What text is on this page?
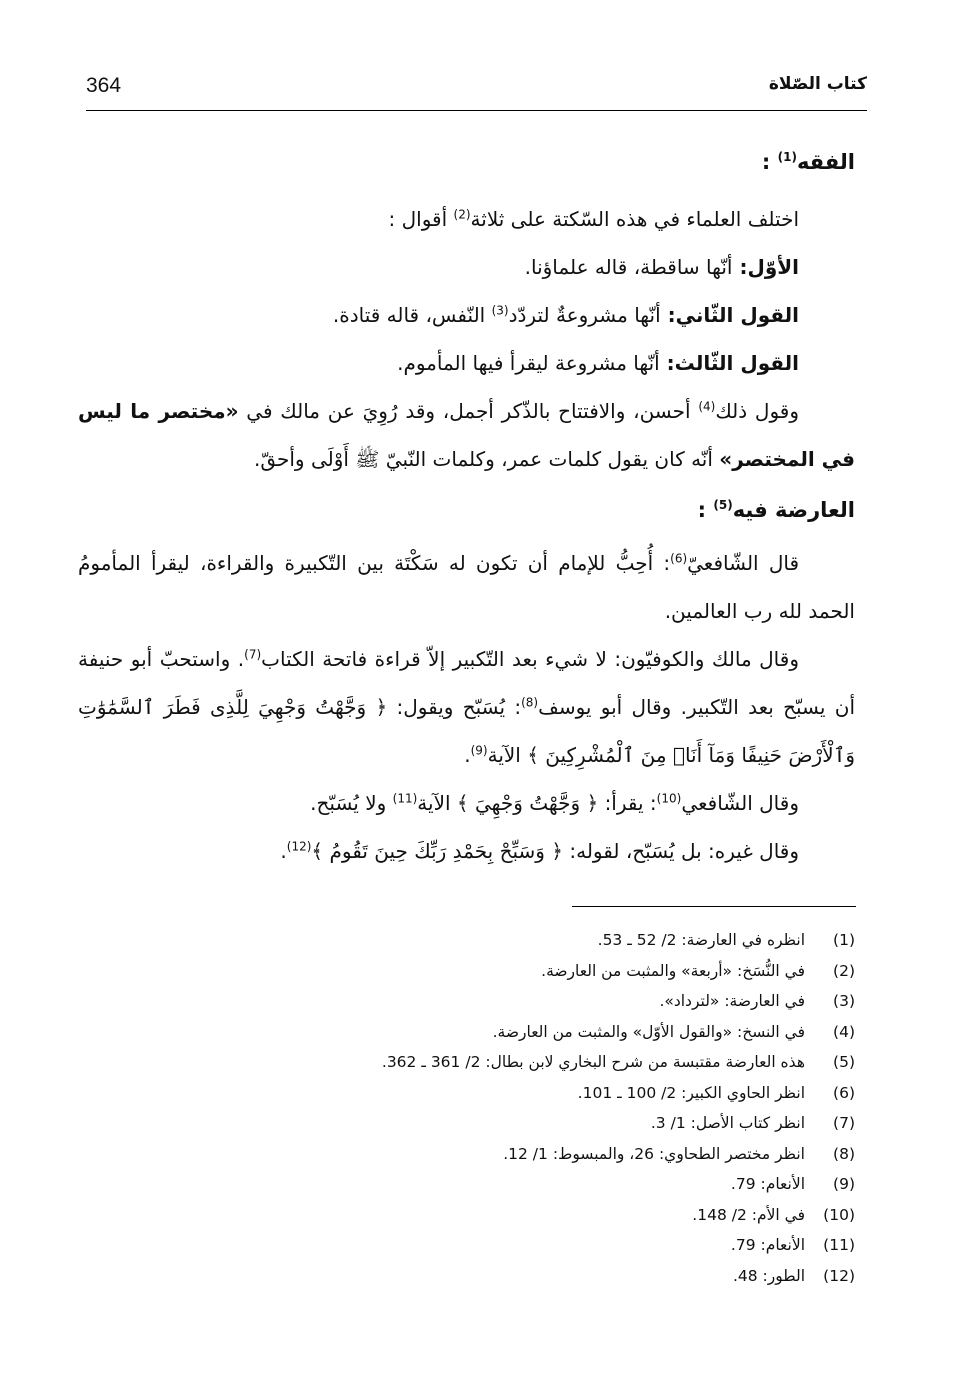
364	كتاب الصّلاة

الفقه$^{(1)}$ :

اختلف العلماء في هذه السّكتة على ثلاثة$^{(2)}$ أقوال :

الأوّل: أنّها ساقطة، قاله علماؤنا.

القول الثّاني: أنّها مشروعةٌ لتردّد$^{(3)}$ النّفس، قاله قتادة.

القول الثّالث: أنّها مشروعة ليقرأ فيها المأموم.

وقول ذلك$^{(4)}$ أحسن، والافتتاح بالذّكر أجمل، وقد رُوِيَ عن مالك في «مختصر ما ليس في المختصر» أنّه كان يقول كلمات عمر، وكلمات النّبيّ ﷺ أَوْلَى وأحقّ.

العارضة فيه$^{(5)}$ :

قال الشّافعيّ$^{(6)}$: أُحِبُّ للإمام أن تكون له سَكْتَة بين التّكبيرة والقراءة، ليقرأ المأمومُ الحمد لله رب العالمين.

وقال مالك والكوفيّون: لا شيء بعد التّكبير إلاّ قراءة فاتحة الكتاب$^{(7)}$. واستحبّ أبو حنيفة أن يسبّح بعد التّكبير. وقال أبو يوسف$^{(8)}$: يُسَبّح ويقول: ﴿ وَجَّهْتُ وَجْهِيَ لِلَّذِى فَطَرَ ٱلسَّمَٰوَٰتِ وَٱلْأَرْضَ حَنِيفًا وَمَآ أَنَا۠ مِنَ ٱلْمُشْرِكِينَ ﴾ الآية$^{(9)}$.

وقال الشّافعي$^{(10)}$: يقرأ: ﴿ وَجَّهْتُ وَجْهِيَ ﴾ الآية$^{(11)}$ ولا يُسَبّح.

وقال غيره: بل يُسَبّح، لقوله: ﴿ وَسَبِّحْ بِحَمْدِ رَبِّكَ حِينَ تَقُومُ ﴾$^{(12)}$.

(1)انظره في العارضة: 2/ 52 ـ 53.
(2)في النُّسَخ: «أربعة» والمثبت من العارضة.
(3)في العارضة: «لترداد».
(4)في النسخ: «والقول الأوّل» والمثبت من العارضة.
(5)هذه العارضة مقتبسة من شرح البخاري لابن بطال: 2/ 361 ـ 362.
(6)انظر الحاوي الكبير: 2/ 100 ـ 101.
(7)انظر كتاب الأصل: 1/ 3.
(8)انظر مختصر الطحاوي: 26، والمبسوط: 1/ 12.
(9)الأنعام: 79.
(10)في الأم: 2/ 148.
(11)الأنعام: 79.
(12)الطور: 48.
